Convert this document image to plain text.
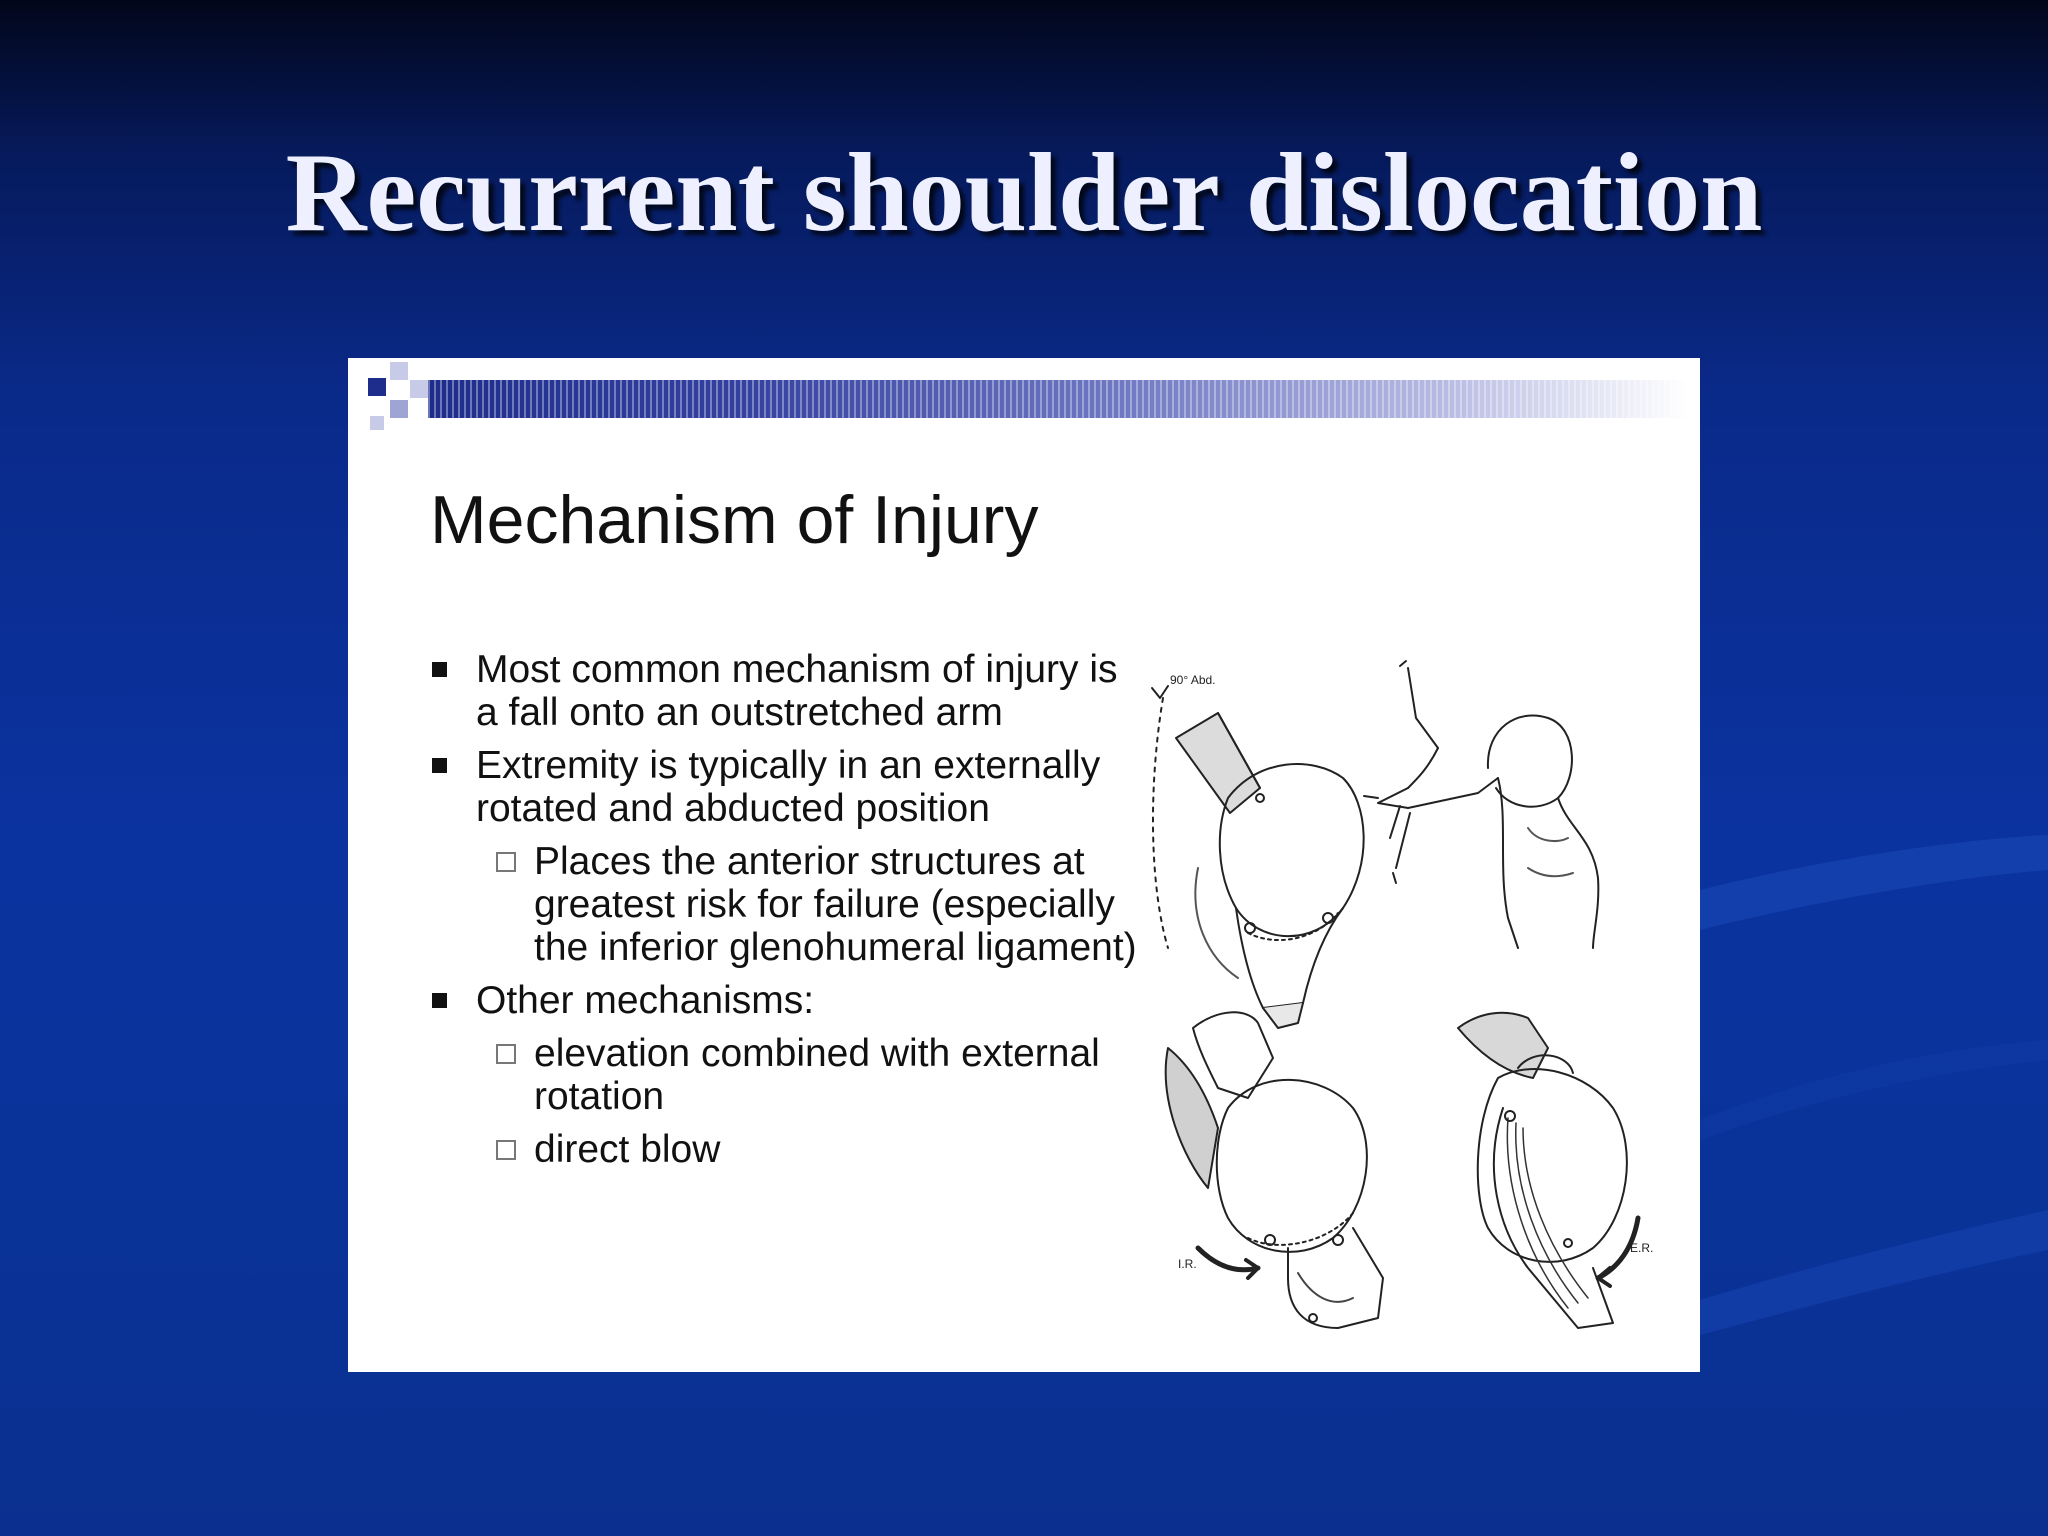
Recurrent shoulder dislocation
Mechanism of Injury
Most common mechanism of injury is a fall onto an outstretched arm
Extremity is typically in an externally rotated and abducted position
Places the anterior structures at greatest risk for failure (especially the inferior glenohumeral ligament)
Other mechanisms:
elevation combined with external rotation
direct blow
90° Abd.
I.R.
E.R.
